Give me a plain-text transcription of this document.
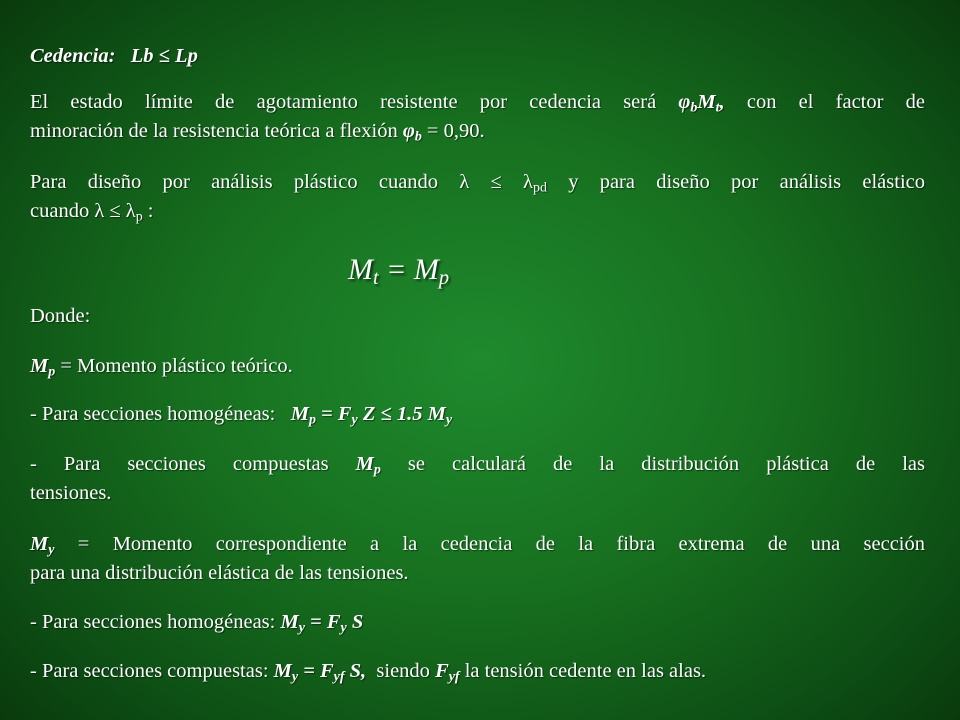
Cedencia: Lb ≤ Lp
El estado límite de agotamiento resistente por cedencia será $\varphi_bM_t$, con el factor de
minoración de la resistencia teórica a flexión $\varphi_b = 0,90$.
Para diseño por análisis plástico cuando $\lambda \le \lambda_{pd}$ y para diseño por análisis elástico
cuando $\lambda \le \lambda_p$ :
$M_t = M_p$
Donde:
$M_p$ = Momento plástico teórico.
- Para secciones homogéneas: $M_p = F_y$ Z ≤ 1.5 $M_y$
- Para secciones compuestas $M_p$ se calculará de la distribución plástica de las
tensiones.
$M_y$ = Momento correspondiente a la cedencia de la fibra extrema de una sección
para una distribución elástica de las tensiones.
- Para secciones homogéneas: $M_y = F_y$ S
- Para secciones compuestas: $M_y = F_{yf}$ S, siendo $F_{yf}$ la tensión cedente en las alas.
